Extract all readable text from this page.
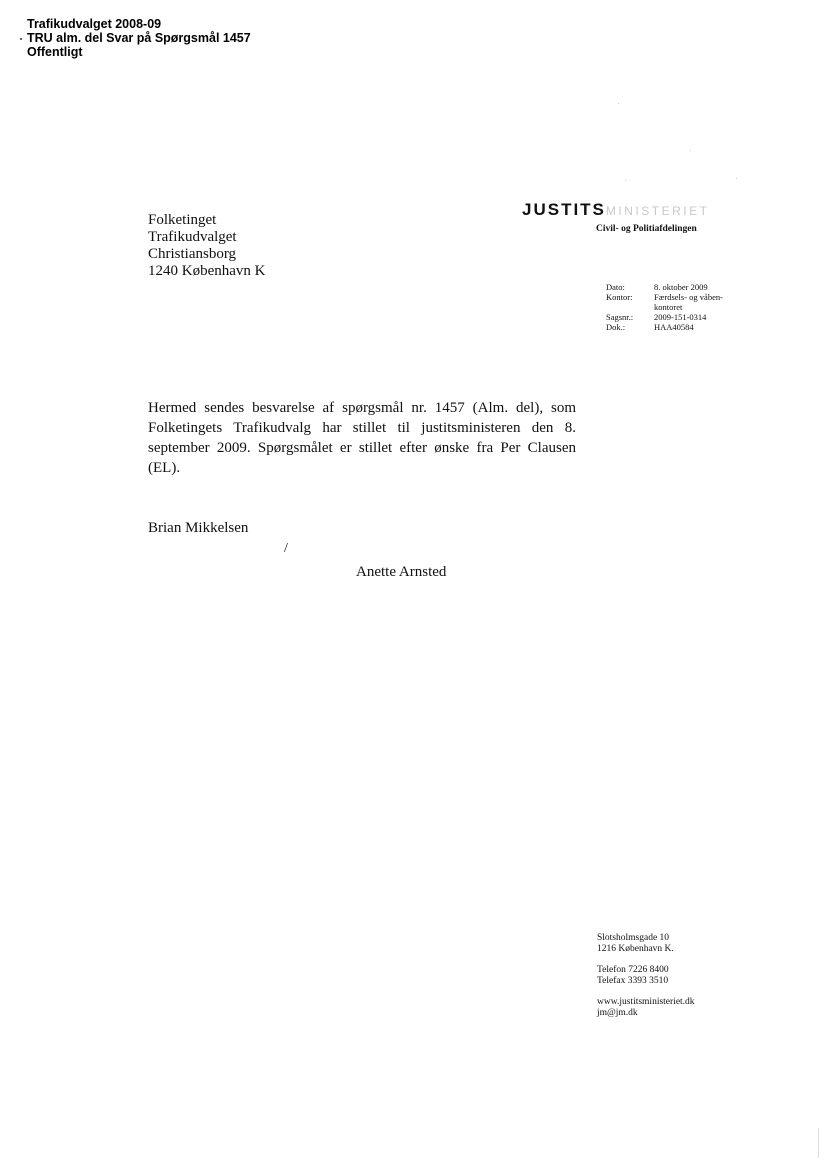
Trafikudvalget 2008-09
TRU alm. del Svar på Spørgsmål 1457
Offentligt
Folketinget
Trafikudvalget
Christiansborg
1240 København K
JUSTITSMINISTERIET
Civil- og Politiafdelingen
Dato:	8. oktober 2009
Kontor:	Færdsels- og våben-
	kontoret
Sagsnr.:	2009-151-0314
Dok.:	HAA40584
Hermed sendes besvarelse af spørgsmål nr. 1457 (Alm. del), som Folketingets Trafikudvalg har stillet til justitsministeren den 8. september 2009. Spørgsmålet er stillet efter ønske fra Per Clausen (EL).
Brian Mikkelsen
/
Anette Arnsted
Slotsholmsgade 10
1216 København K.
Telefon 7226 8400
Telefax 3393 3510
www.justitsministeriet.dk
jm@jm.dk
